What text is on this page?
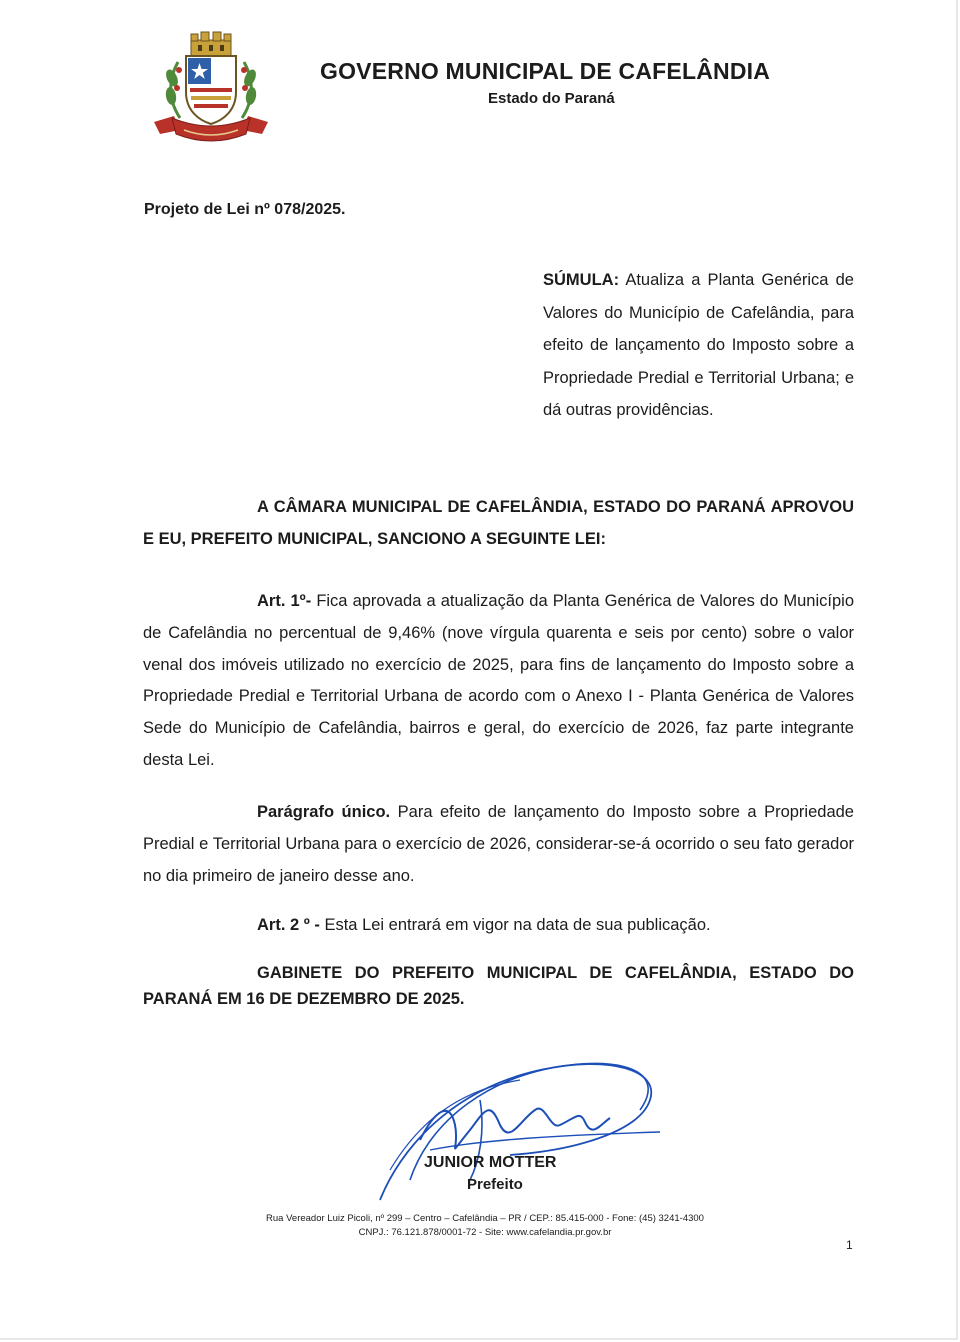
GOVERNO MUNICIPAL DE CAFELÂNDIA
Estado do Paraná
Projeto de Lei nº 078/2025.
SÚMULA: Atualiza a Planta Genérica de Valores do Município de Cafelândia, para efeito de lançamento do Imposto sobre a Propriedade Predial e Territorial Urbana; e dá outras providências.
A CÂMARA MUNICIPAL DE CAFELÂNDIA, ESTADO DO PARANÁ APROVOU E EU, PREFEITO MUNICIPAL, SANCIONO A SEGUINTE LEI:
Art. 1º- Fica aprovada a atualização da Planta Genérica de Valores do Município de Cafelândia no percentual de 9,46% (nove vírgula quarenta e seis por cento) sobre o valor venal dos imóveis utilizado no exercício de 2025, para fins de lançamento do Imposto sobre a Propriedade Predial e Territorial Urbana de acordo com o Anexo I - Planta Genérica de Valores Sede do Município de Cafelândia, bairros e geral, do exercício de 2026, faz parte integrante desta Lei.
Parágrafo único. Para efeito de lançamento do Imposto sobre a Propriedade Predial e Territorial Urbana para o exercício de 2026, considerar-se-á ocorrido o seu fato gerador no dia primeiro de janeiro desse ano.
Art. 2 º - Esta Lei entrará em vigor na data de sua publicação.
GABINETE DO PREFEITO MUNICIPAL DE CAFELÂNDIA, ESTADO DO PARANÁ EM 16 DE DEZEMBRO DE 2025.
JUNIOR MOTTER
Prefeito
Rua Vereador Luiz Picoli, nº 299 – Centro – Cafelândia – PR / CEP.: 85.415-000 - Fone: (45) 3241-4300
CNPJ.: 76.121.878/0001-72 - Site: www.cafelandia.pr.gov.br
1
